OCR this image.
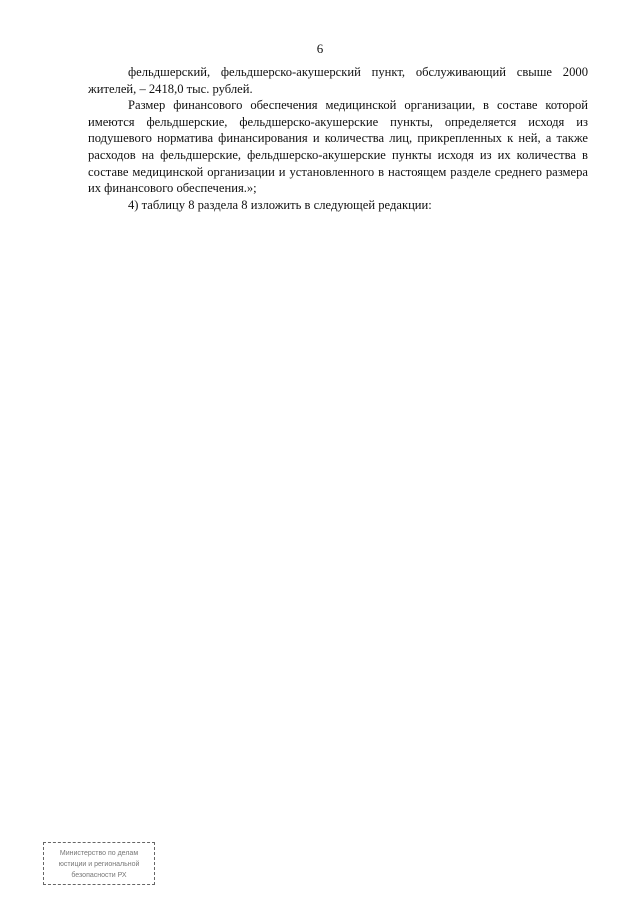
6

фельдшерский, фельдшерско-акушерский пункт, обслуживающий свыше 2000 жителей, – 2418,0 тыс. рублей.

Размер финансового обеспечения медицинской организации, в составе которой имеются фельдшерские, фельдшерско-акушерские пункты, определяется исходя из подушевого норматива финансирования и количества лиц, прикрепленных к ней, а также расходов на фельдшерские, фельдшерско-акушерские пункты исходя из их количества в составе медицинской организации и установленного в настоящем разделе среднего размера их финансового обеспечения.»;

4) таблицу 8 раздела 8 изложить в следующей редакции:

Министерство по делам
юстиции и региональной
безопасности РХ
